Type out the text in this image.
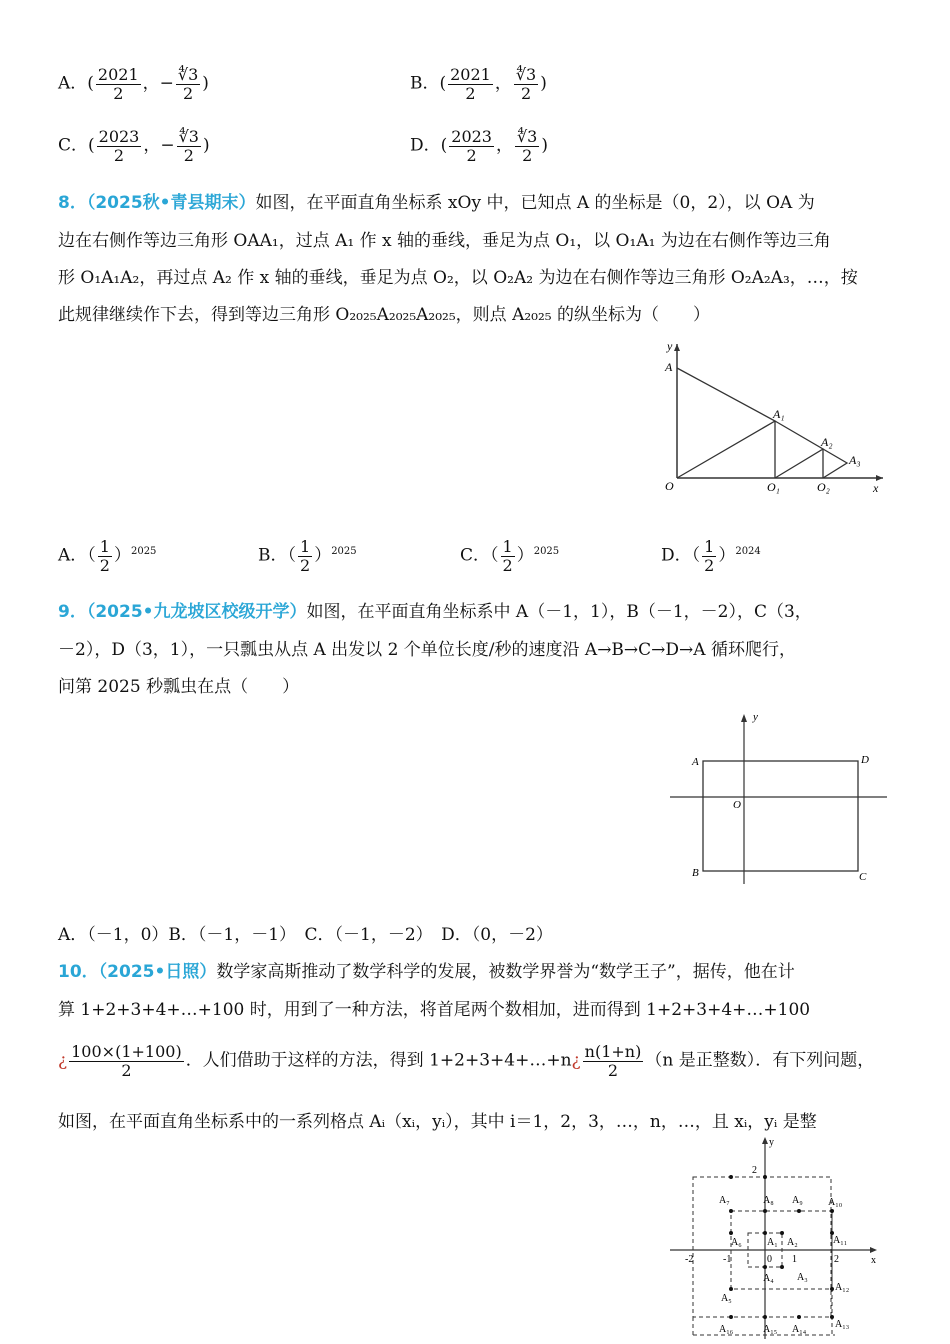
A．( $\frac{2021}{2}$ ，− $\frac{∜3}{2}$ )	B．( $\frac{2021}{2}$ ， $\frac{∜3}{2}$ )
C．( $\frac{2023}{2}$ ，− $\frac{∜3}{2}$ )	D．( $\frac{2023}{2}$ ， $\frac{∜3}{2}$ )
8．（2025秋•青县期末）如图，在平面直角坐标系 xOy 中，已知点 A 的坐标是（0，2），以 OA 为
边在右侧作等边三角形 OAA₁，过点 A₁ 作 x 轴的垂线，垂足为点 O₁，以 O₁A₁ 为边在右侧作等边三角
形 O₁A₁A₂，再过点 A₂ 作 x 轴的垂线，垂足为点 O₂，以 O₂A₂ 为边在右侧作等边三角形 O₂A₂A₃，…，按
此规律继续作下去，得到等边三角形 O₂₀₂₅A₂₀₂₅A₂₀₂₅，则点 A₂₀₂₅ 的纵坐标为（　　）
y
x
A
A₁
A₂
A₃
O	O₁	O₂
A．（ $\frac{1}{2} )^{2025}$	B．（ $\frac{1}{2} )^{2025}$	C．（ $\frac{1}{2} )^{2025}$	D．（ $\frac{1}{2} )^{2024}$
9．（2025•九龙坡区校级开学）如图，在平面直角坐标系中 A（－1，1），B（－1，－2），C（3，
－2），D（3，1），一只瓢虫从点 A 出发以 2 个单位长度/秒的速度沿 A→B→C→D→A 循环爬行，
问第 2025 秒瓢虫在点（　　）
y
O
A	D
B	C
A．（－1，0）B．（－1，－1）　C．（－1，－2）　D．（0，－2）
10．（2025•日照）数学家高斯推动了数学科学的发展，被数学界誉为“数学王子”，据传，他在计
算 1+2+3+4+…+100 时，用到了一种方法，将首尾两个数相加，进而得到 1+2+3+4+…+100
¿ $\frac{100\times(1+100)}{2}$ ．人们借助于这样的方法，得到 1+2+3+4+…+n¿ $\frac{n(1+n)}{2} (n$ 是正整数）．有下列问题，
如图，在平面直角坐标系中的一系列格点 Aᵢ（xᵢ，yᵢ），其中 i＝1，2，3，…，n，…，且 xᵢ，yᵢ 是整
y
x
2
-2	-1	0 1	2
A₁ A₂
A₃
A₄
A₅
A₆
A₇	A₈ A₉	A₁₀
A₁₁
A₁₂
A₁₃
A₁₄
A₁₅
A₁₆
